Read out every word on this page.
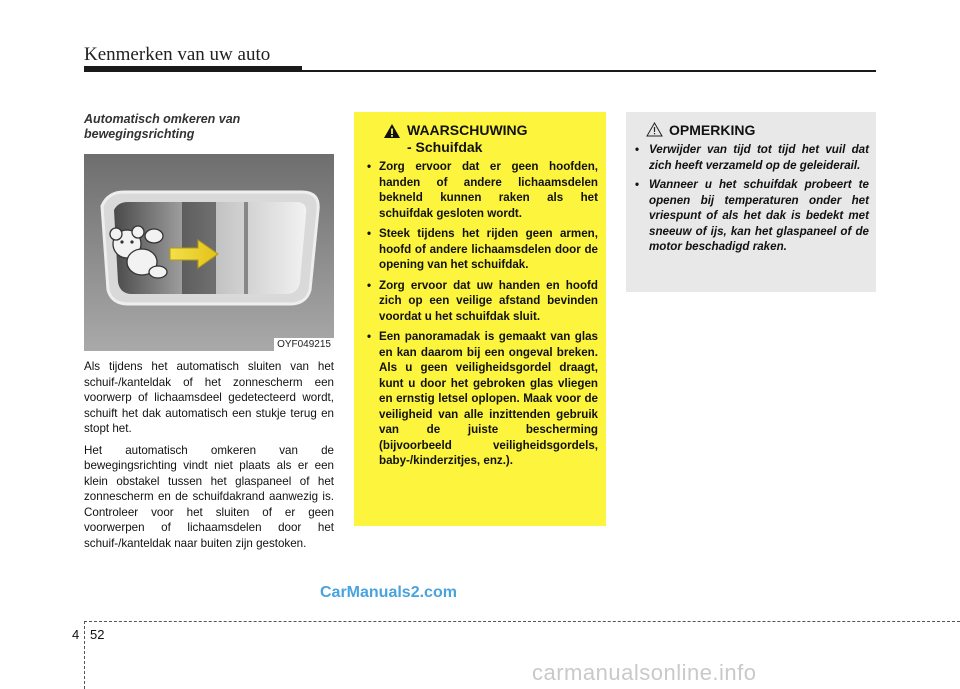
Kenmerken van uw auto
Automatisch omkeren van bewegingsrichting
OYF049215

Als tijdens het automatisch sluiten van het schuif-/kanteldak of het zonnescherm een voorwerp of lichaamsdeel gedetecteerd wordt, schuift het dak automatisch een stukje terug en stopt het.

Het automatisch omkeren van de bewegingsrichting vindt niet plaats als er een klein obstakel tussen het glaspaneel of het zonnescherm en de schuifdakrand aanwezig is. Controleer voor het sluiten of er geen voorwerpen of lichaamsdelen door het schuif-/kanteldak naar buiten zijn gestoken.

WAARSCHUWING
- Schuifdak
• Zorg ervoor dat er geen hoofden, handen of andere lichaamsdelen bekneld kunnen raken als het schuifdak gesloten wordt.
• Steek tijdens het rijden geen armen, hoofd of andere lichaamsdelen door de opening van het schuifdak.
• Zorg ervoor dat uw handen en hoofd zich op een veilige afstand bevinden voordat u het schuifdak sluit.
• Een panoramadak is gemaakt van glas en kan daarom bij een ongeval breken. Als u geen veiligheidsgordel draagt, kunt u door het gebroken glas vliegen en ernstig letsel oplopen. Maak voor de veiligheid van alle inzittenden gebruik van de juiste bescherming (bijvoorbeeld veiligheidsgordels, baby-/kinderzitjes, enz.).
OPMERKING
• Verwijder van tijd tot tijd het vuil dat zich heeft verzameld op de geleiderail.
• Wanneer u het schuifdak probeert te openen bij temperaturen onder het vriespunt of als het dak is bedekt met sneeuw of ijs, kan het glaspaneel of de motor beschadigd raken.
CarManuals2.com
4 52
carmanualsonline.info
